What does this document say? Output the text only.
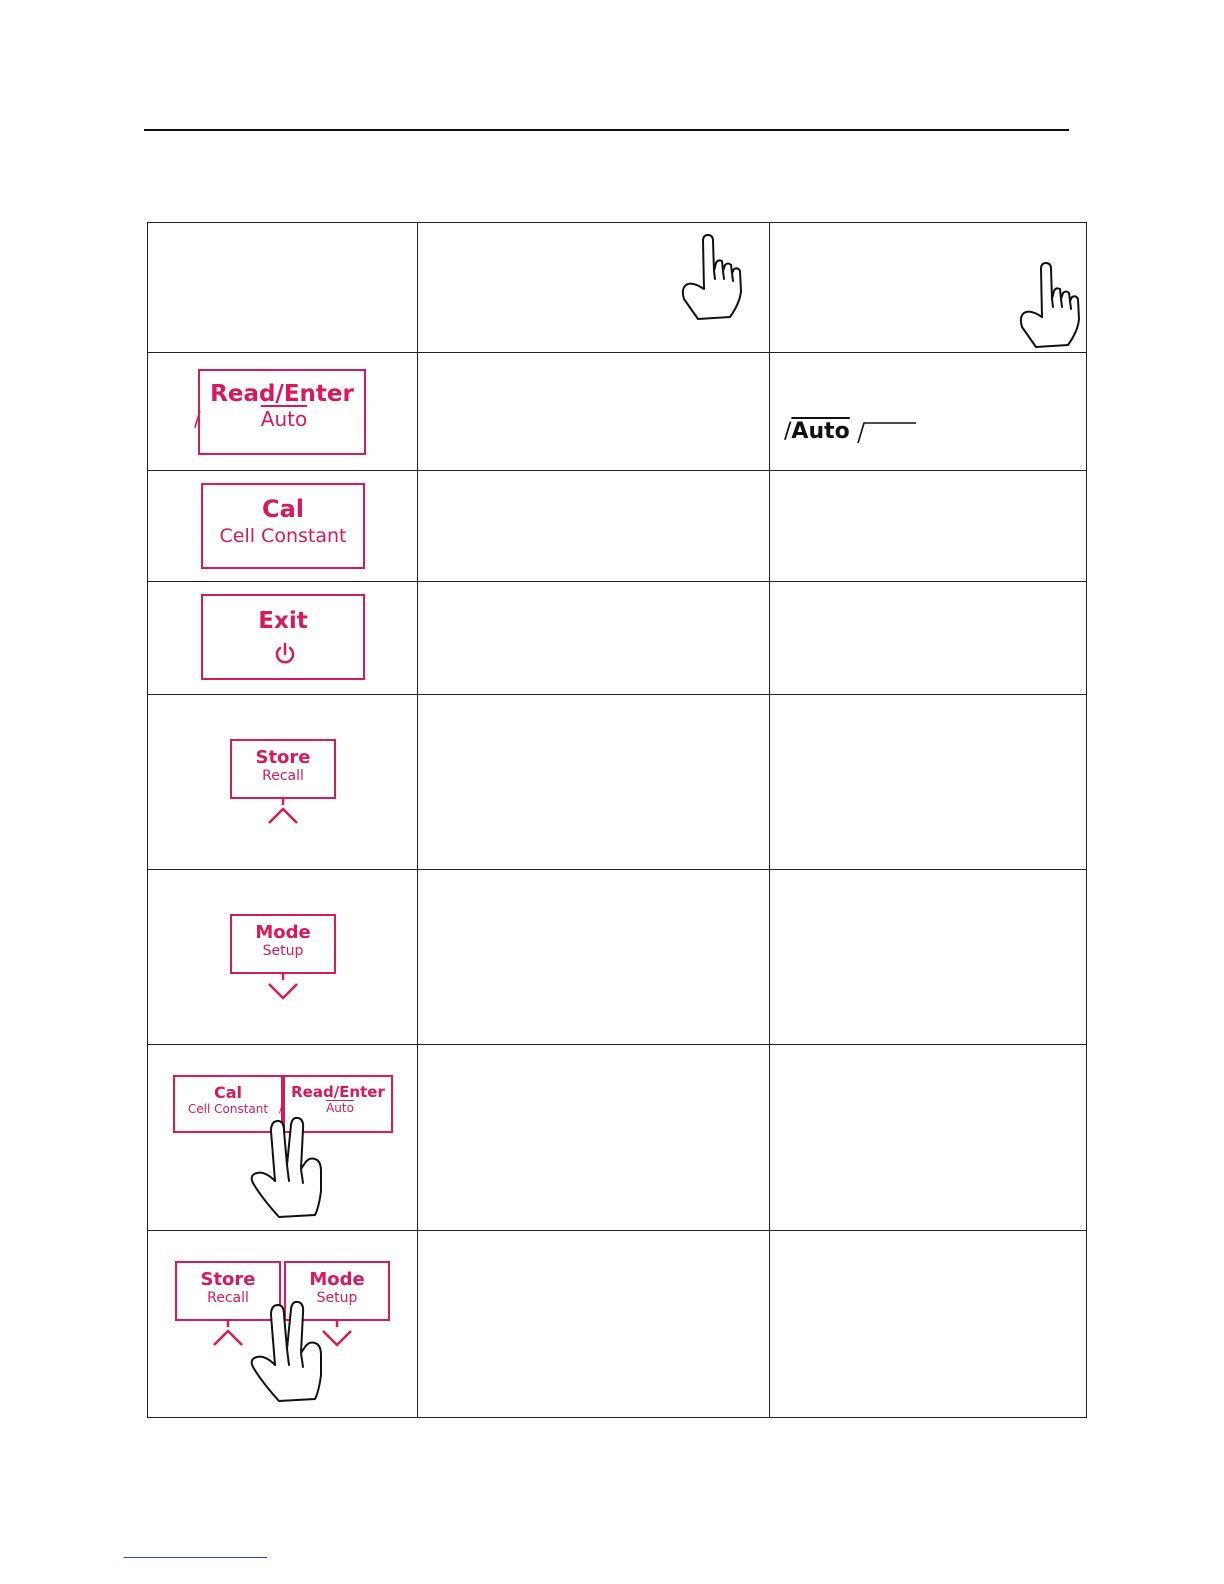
Read/Enter
/ Auto		/Auto

Cal
Cell Constant		

Exit		

Store
Recall		

Mode
Setup		

Cal
Cell Constant
Read/Enter
/ Auto

Store
Recall
Mode
Setup		
